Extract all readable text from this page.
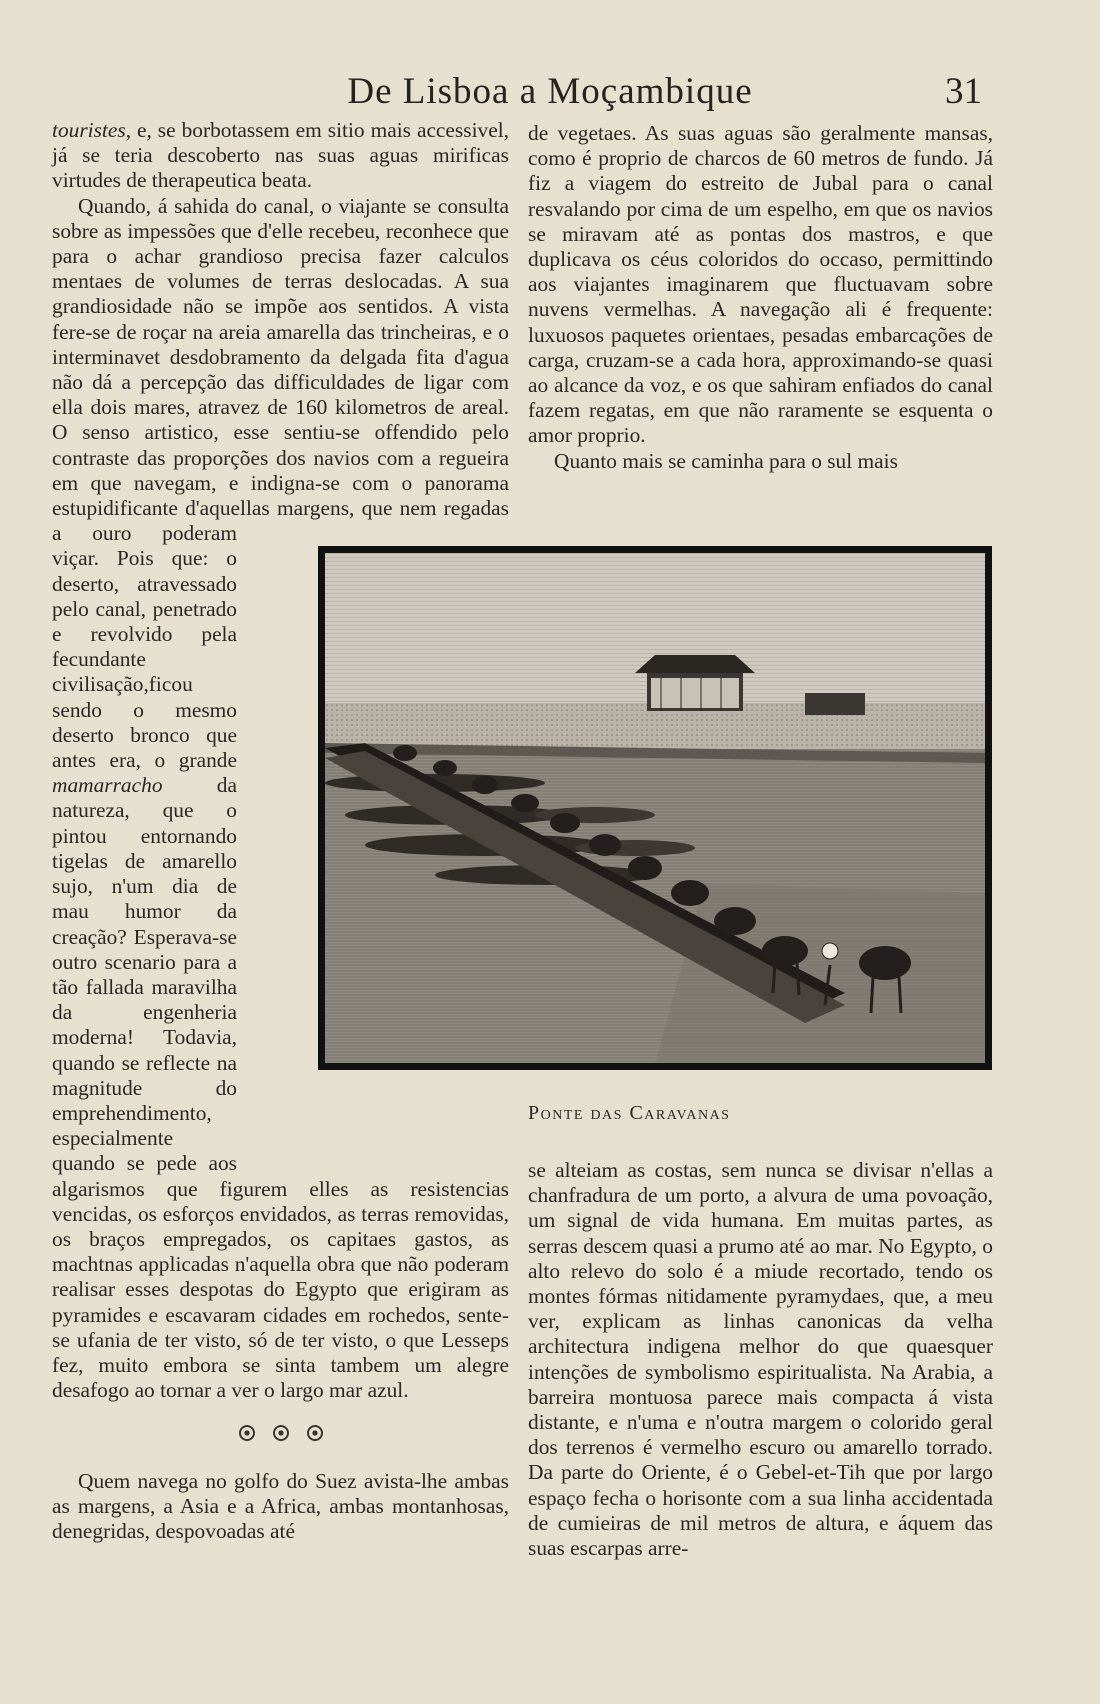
De Lisboa a Moçambique	31

touristes, e, se borbotassem em sitio mais accessivel, já se teria descoberto nas suas aguas mirificas virtudes de therapeutica beata.

Quando, á sahida do canal, o viajante se consulta sobre as impessões que d'elle recebeu, reconhece que para o achar grandioso precisa fazer calculos mentaes de volumes de terras deslocadas. A sua grandiosidade não se impõe aos sentidos. A vista fere-se de roçar na areia amarella das trincheiras, e o interminavet desdobramento da delgada fita d'agua não dá a percepção das difficuldades de ligar com ella dois mares, atravez de 160 kilometros de areal. O senso artistico, esse sentiu-se offendido pelo contraste das proporções dos navios com a regueira em que navegam, e indigna-se com o panorama estupidificante d'aquellas margens, que nem regadas a ouro poderam viçar. Pois que: o deserto, atravessado pelo canal, penetrado e revolvido pela fecundante civilisação,ficou sendo o mesmo deserto bronco que antes era, o grande mamarracho da natureza, que o pintou entornando tigelas de amarello sujo, n'um dia de mau humor da creação? Esperava-se outro scenario para a tão fallada maravilha da engenheria moderna! Todavia, quando se reflecte na magnitude do emprehendimento, especialmente quando se pede aos algarismos que figurem elles as resistencias vencidas, os esforços envidados, as terras removidas, os braços empregados, os capitaes gastos, as machtnas applicadas n'aquella obra que não poderam realisar esses despotas do Egypto que erigiram as pyramides e escavaram cidades em rochedos, sente-se ufania de ter visto, só de ter visto, o que Lesseps fez, muito embora se sinta tambem um alegre desafogo ao tornar a ver o largo mar azul.

Quem navega no golfo do Suez avista-lhe ambas as margens, a Asia e a Africa, ambas montanhosas, denegridas, despovoadas até

de vegetaes. As suas aguas são geralmente mansas, como é proprio de charcos de 60 metros de fundo. Já fiz a viagem do estreito de Jubal para o canal resvalando por cima de um espelho, em que os navios se miravam até as pontas dos mastros, e que duplicava os céus coloridos do occaso, permittindo aos viajantes imaginarem que fluctuavam sobre nuvens vermelhas. A navegação ali é frequente: luxuosos paquetes orientaes, pesadas embarcações de carga, cruzam-se a cada hora, approximando-se quasi ao alcance da voz, e os que sahiram enfiados do canal fazem regatas, em que não raramente se esquenta o amor proprio.

Quanto mais se caminha para o sul mais

Ponte das Caravanas

se alteiam as costas, sem nunca se divisar n'ellas a chanfradura de um porto, a alvura de uma povoação, um signal de vida humana. Em muitas partes, as serras descem quasi a prumo até ao mar. No Egypto, o alto relevo do solo é a miude recortado, tendo os montes fórmas nitidamente pyramydaes, que, a meu ver, explicam as linhas canonicas da velha architectura indigena melhor do que quaesquer intenções de symbolismo espiritualista. Na Arabia, a barreira montuosa parece mais compacta á vista distante, e n'uma e n'outra margem o colorido geral dos terrenos é vermelho escuro ou amarello torrado. Da parte do Oriente, é o Gebel-et-Tih que por largo espaço fecha o horisonte com a sua linha accidentada de cumieiras de mil metros de altura, e áquem das suas escarpas arre-
